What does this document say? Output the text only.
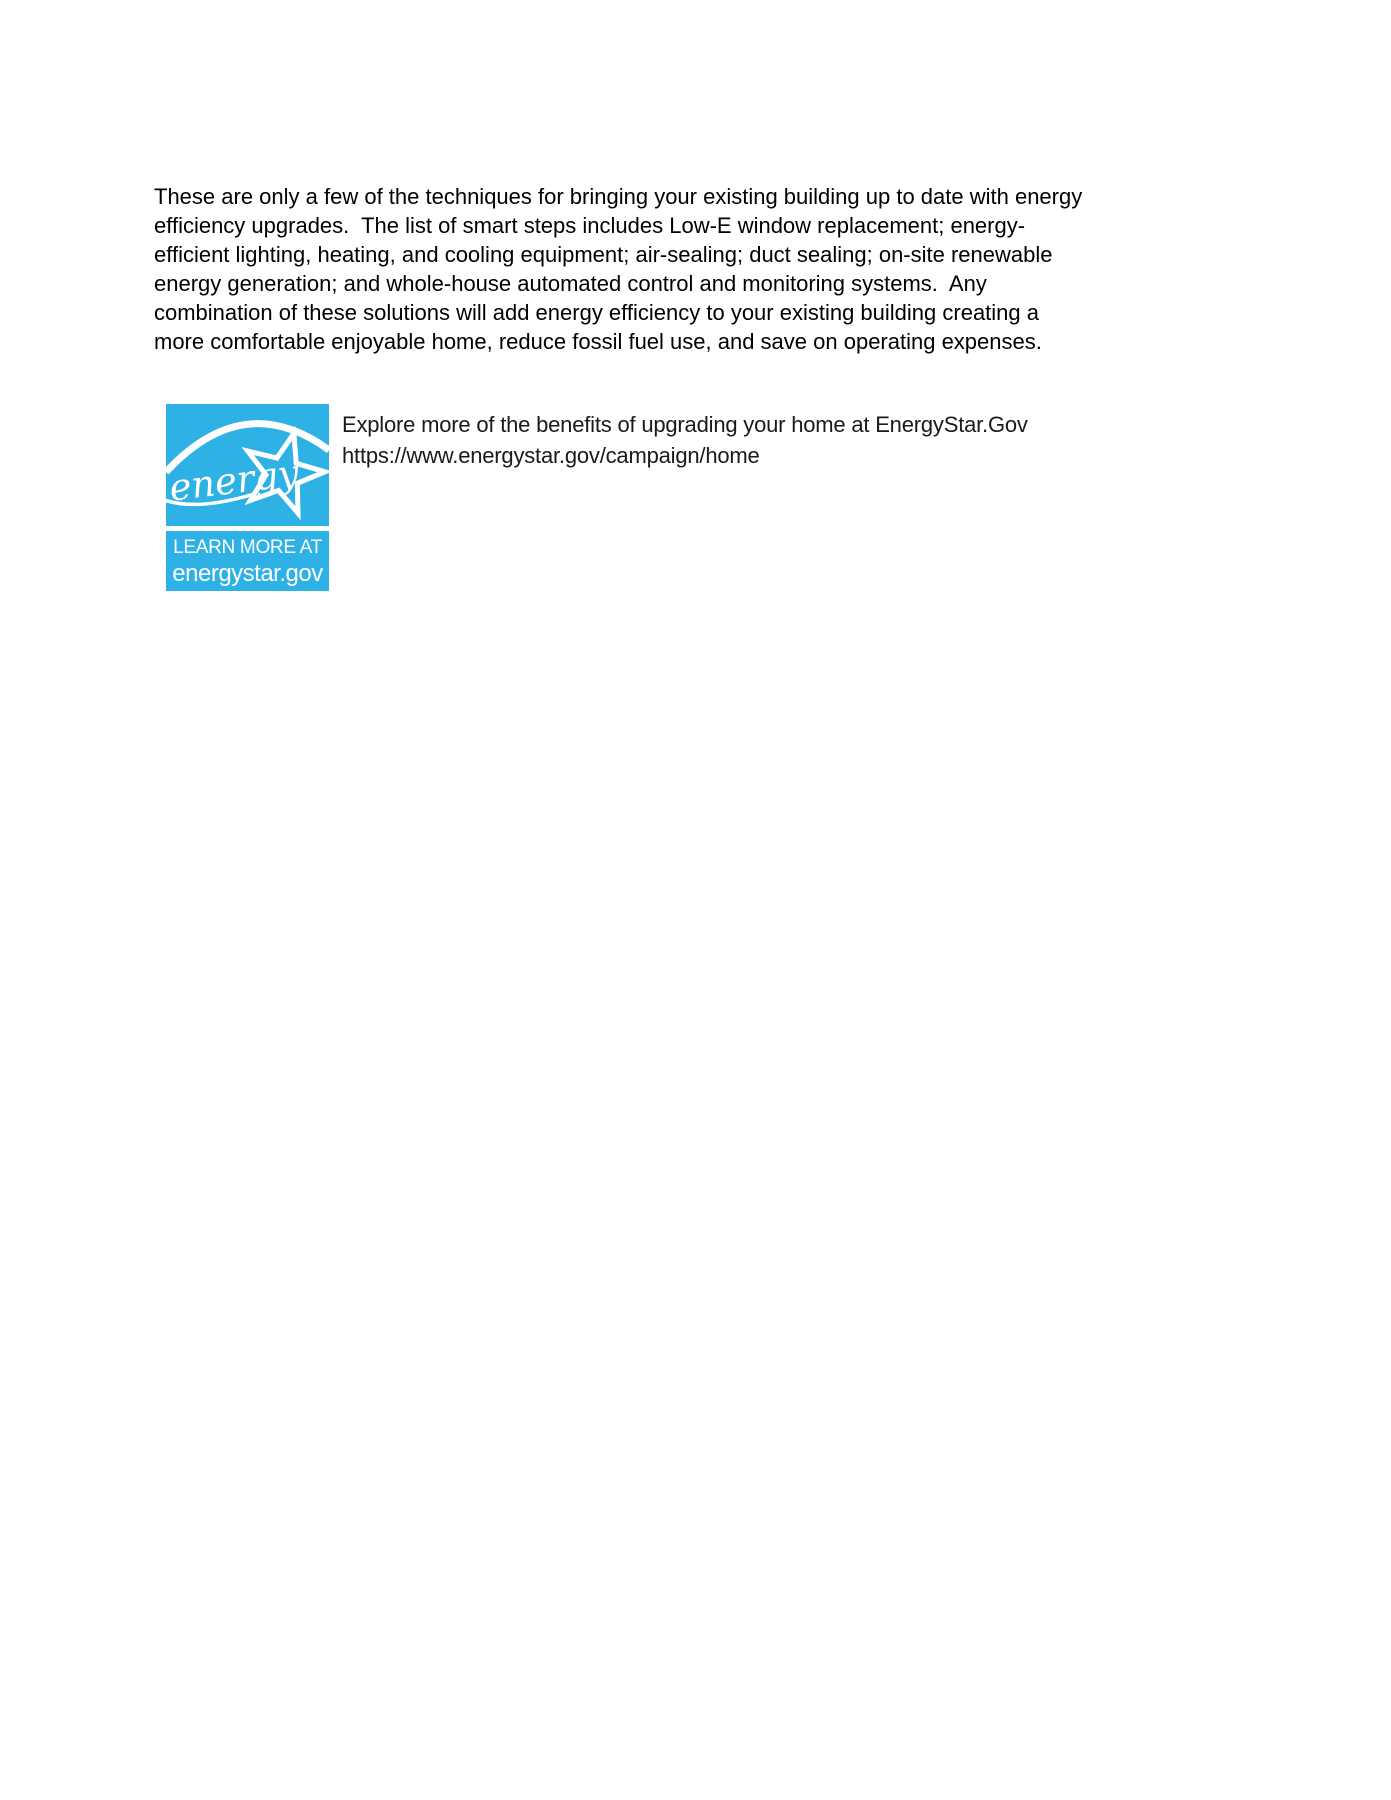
These are only a few of the techniques for bringing your existing building up to date with energy
efficiency upgrades.  The list of smart steps includes Low-E window replacement; energy-
efficient lighting, heating, and cooling equipment; air-sealing; duct sealing; on-site renewable
energy generation; and whole-house automated control and monitoring systems.  Any
combination of these solutions will add energy efficiency to your existing building creating a
more comfortable enjoyable home, reduce fossil fuel use, and save on operating expenses.
energy
LEARN MORE AT
energystar.gov
Explore more of the benefits of upgrading your home at EnergyStar.Gov
https://www.energystar.gov/campaign/home
